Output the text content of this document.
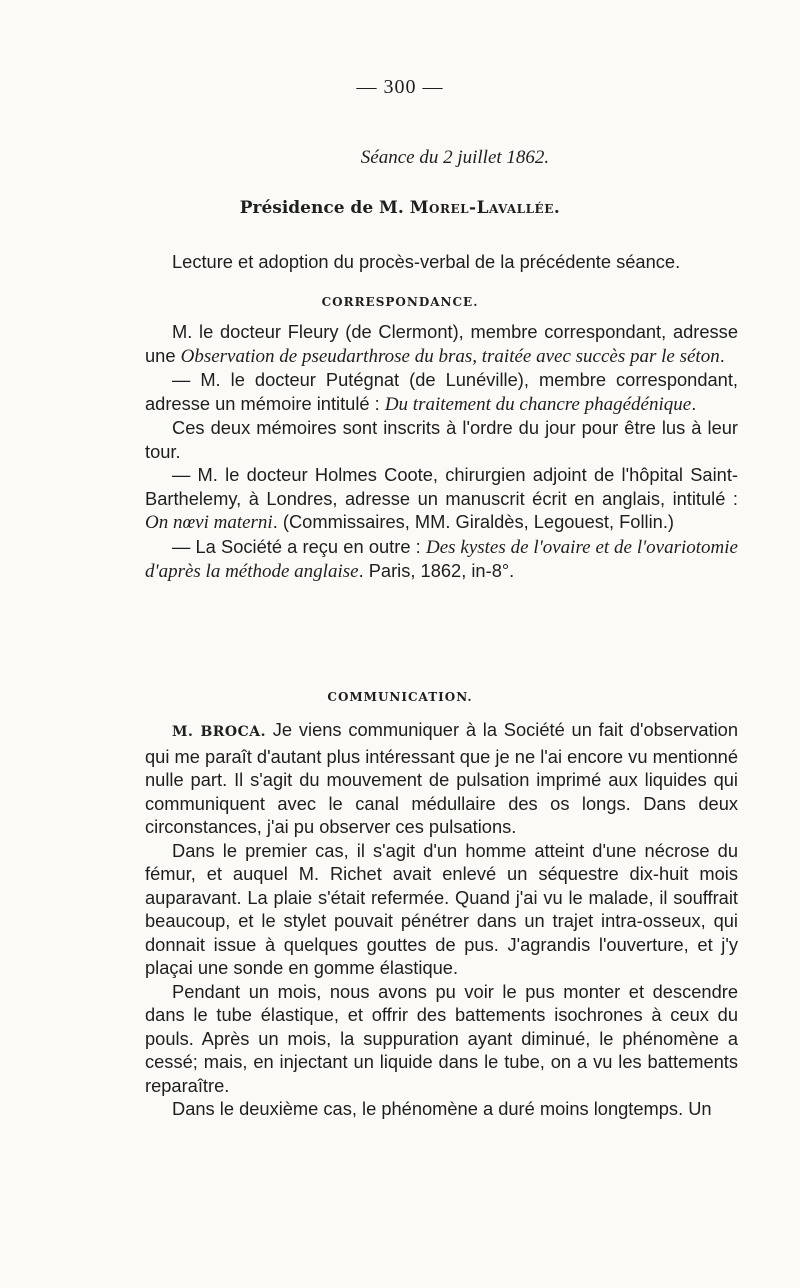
— 300 —
Séance du 2 juillet 1862.
Présidence de M. Morel-Lavallée.

Lecture et adoption du procès-verbal de la précédente séance.

CORRESPONDANCE.

M. le docteur Fleury (de Clermont), membre correspondant, adresse une Observation de pseudarthrose du bras, traitée avec succès par le séton.

— M. le docteur Putégnat (de Lunéville), membre correspondant, adresse un mémoire intitulé : Du traitement du chancre phagédénique.

Ces deux mémoires sont inscrits à l'ordre du jour pour être lus à leur tour.

— M. le docteur Holmes Coote, chirurgien adjoint de l'hôpital Saint-Barthelemy, à Londres, adresse un manuscrit écrit en anglais, intitulé : On nœvi materni. (Commissaires, MM. Giraldès, Legouest, Follin.)

— La Société a reçu en outre : Des kystes de l'ovaire et de l'ovariotomie d'après la méthode anglaise. Paris, 1862, in-8°.

COMMUNICATION.

M. BROCA. Je viens communiquer à la Société un fait d'observation qui me paraît d'autant plus intéressant que je ne l'ai encore vu mentionné nulle part. Il s'agit du mouvement de pulsation imprimé aux liquides qui communiquent avec le canal médullaire des os longs. Dans deux circonstances, j'ai pu observer ces pulsations.

Dans le premier cas, il s'agit d'un homme atteint d'une nécrose du fémur, et auquel M. Richet avait enlevé un séquestre dix-huit mois auparavant. La plaie s'était refermée. Quand j'ai vu le malade, il souffrait beaucoup, et le stylet pouvait pénétrer dans un trajet intra-osseux, qui donnait issue à quelques gouttes de pus. J'agrandis l'ouverture, et j'y plaçai une sonde en gomme élastique.

Pendant un mois, nous avons pu voir le pus monter et descendre dans le tube élastique, et offrir des battements isochrones à ceux du pouls. Après un mois, la suppuration ayant diminué, le phénomène a cessé; mais, en injectant un liquide dans le tube, on a vu les battements reparaître.

Dans le deuxième cas, le phénomène a duré moins longtemps. Un
